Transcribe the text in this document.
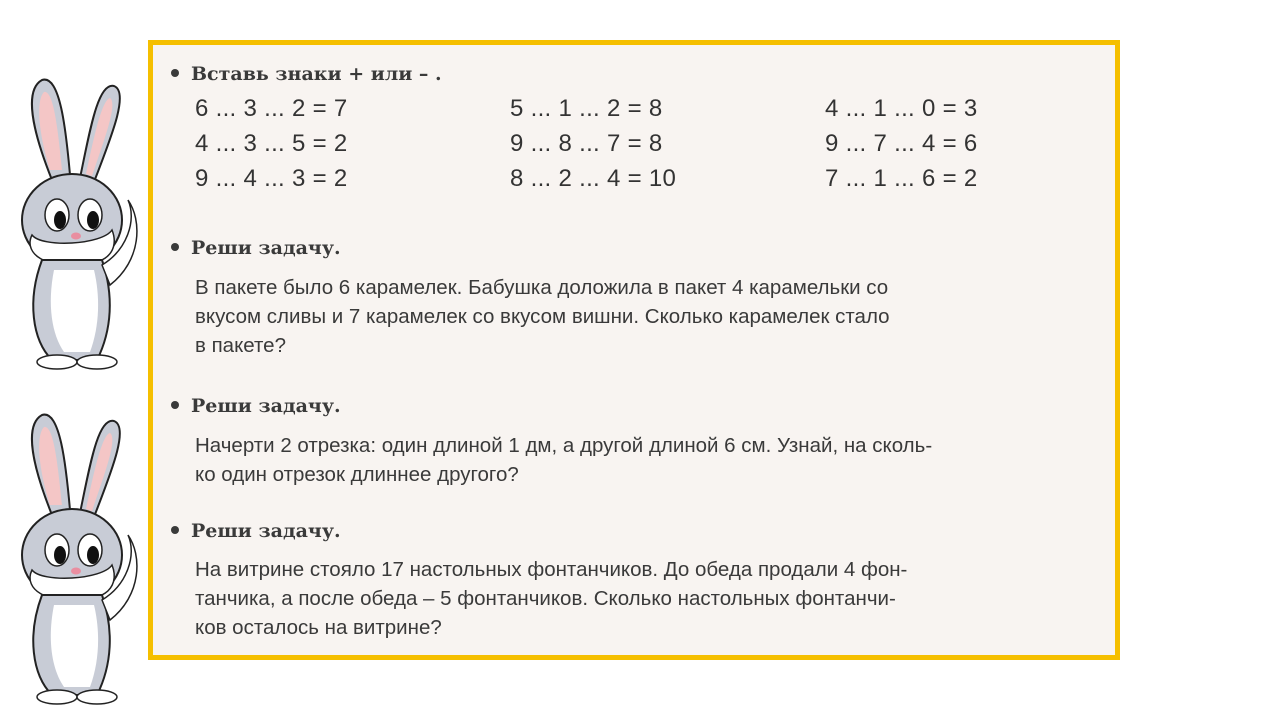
Вставь знаки + или – .
6 ... 3 ... 2 = 7	5 ... 1 ... 2 = 8	4 ... 1 ... 0 = 3
4 ... 3 ... 5 = 2	9 ... 8 ... 7 = 8	9 ... 7 ... 4 = 6
9 ... 4 ... 3 = 2	8 ... 2 ... 4 = 10	7 ... 1 ... 6 = 2
Реши задачу.
В пакете было 6 карамелек. Бабушка доложила в пакет 4 карамельки со
вкусом сливы и 7 карамелек со вкусом вишни. Сколько карамелек стало
в пакете?
Реши задачу.
Начерти 2 отрезка: один длиной 1 дм, а другой длиной 6 см. Узнай, на сколь-
ко один отрезок длиннее другого?
Реши задачу.
На витрине стояло 17 настольных фонтанчиков. До обеда продали 4 фон-
танчика, а после обеда – 5 фонтанчиков. Сколько настольных фонтанчи-
ков осталось на витрине?
